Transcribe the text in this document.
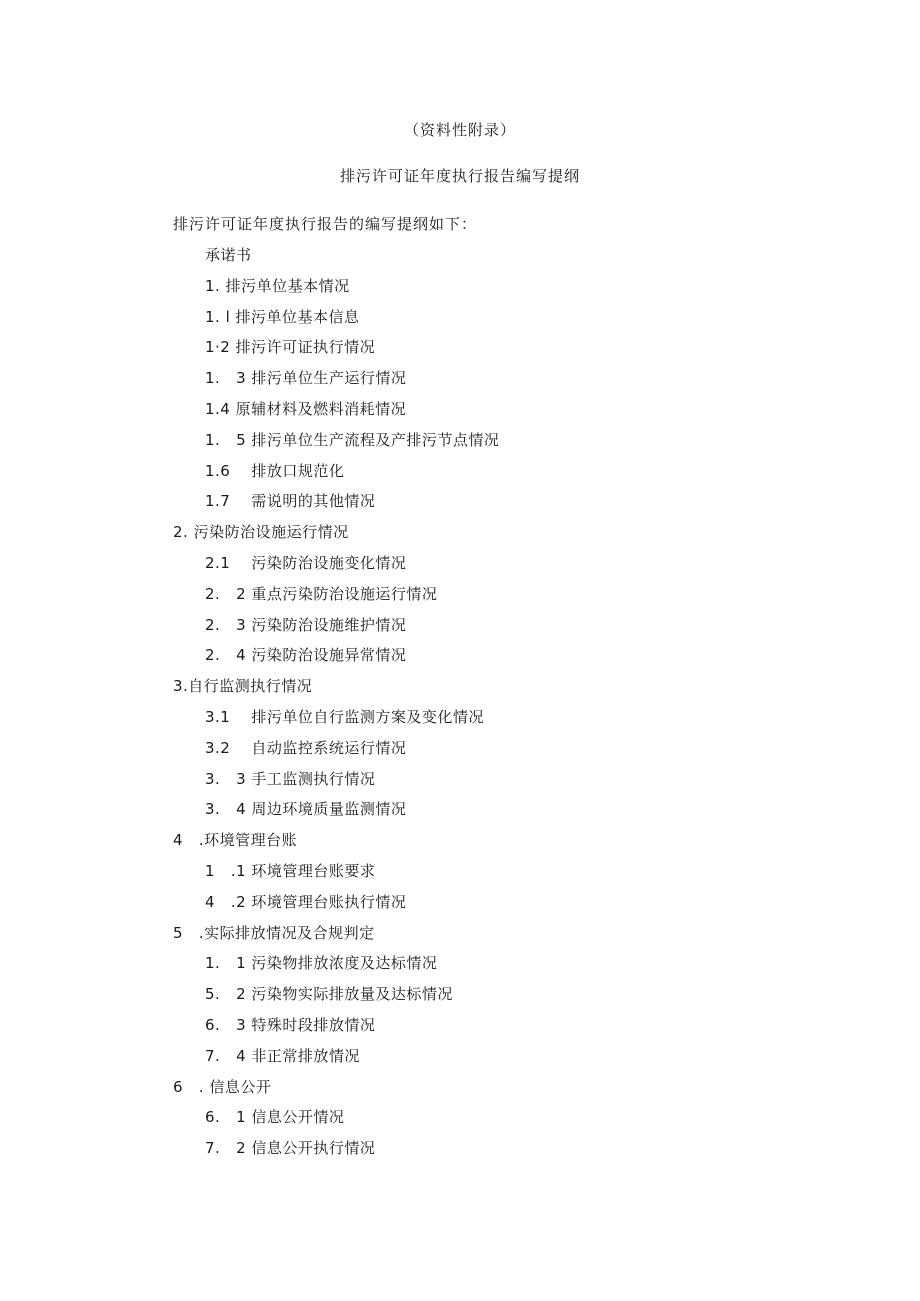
（资料性附录）
排污许可证年度执行报告编写提纲

排污许可证年度执行报告的编写提纲如下：

承诺书
1. 排污单位基本情况
1. l 排污单位基本信息
1·2 排污许可证执行情况
1.   3 排污单位生产运行情况
1.4 原辅材料及燃料消耗情况
1.   5 排污单位生产流程及产排污节点情况
1.6    排放口规范化
1.7    需说明的其他情况
2. 污染防治设施运行情况
2.1    污染防治设施变化情况
2.   2 重点污染防治设施运行情况
2.   3 污染防治设施维护情况
2.   4 污染防治设施异常情况
3.自行监测执行情况
3.1    排污单位自行监测方案及变化情况
3.2    自动监控系统运行情况
3.   3 手工监测执行情况
3.   4 周边环境质量监测情况
4   .环境管理台账
1   .1 环境管理台账要求
4   .2 环境管理台账执行情况
5   .实际排放情况及合规判定
1.   1 污染物排放浓度及达标情况
5.   2 污染物实际排放量及达标情况
6.   3 特殊时段排放情况
7.   4 非正常排放情况
6   . 信息公开
6.   1 信息公开情况
7.   2 信息公开执行情况
